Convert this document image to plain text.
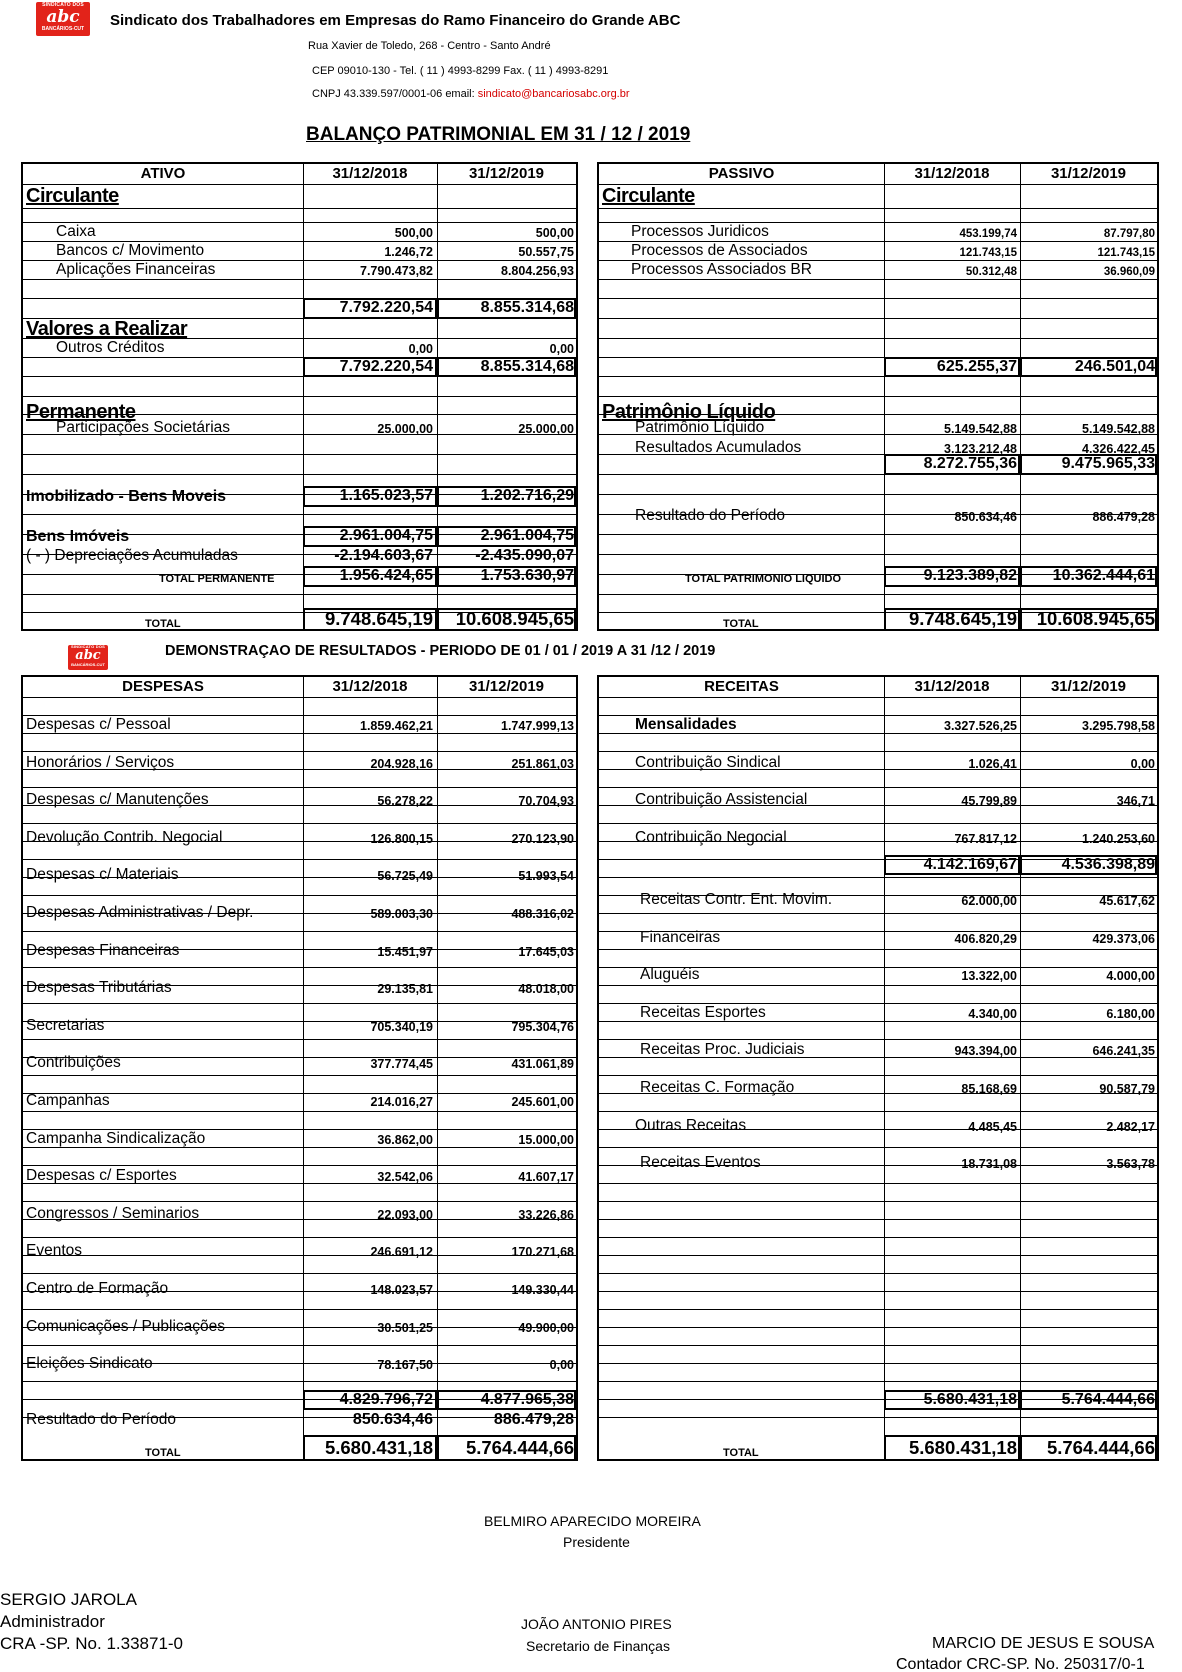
SINDICATO DOS
abc
BANCÁRIOS-CUT	Sindicato dos Trabalhadores em Empresas do Ramo Financeiro do Grande ABC
Rua Xavier de Toledo, 268 - Centro - Santo André
CEP 09010-130 - Tel. ( 11 ) 4993-8299 Fax. ( 11 ) 4993-8291
CNPJ 43.339.597/0001-06 email: sindicato@bancariosabc.org.br
BALANÇO PATRIMONIAL EM 31 / 12 / 2019
ATIVO	31/12/2018	31/12/2019
Circulante
Caixa	500,00	500,00
Bancos c/ Movimento	1.246,72	50.557,75
Aplicações Financeiras	7.790.473,82	8.804.256,93
7.792.220,54	8.855.314,68
Valores a Realizar
Outros Créditos	0,00	0,00
7.792.220,54	8.855.314,68
Permanente
Participações Societárias	25.000,00	25.000,00
Imobilizado - Bens Moveis	1.165.023,57	1.202.716,29
Bens Imóveis	2.961.004,75	2.961.004,75
( - ) Depreciações Acumuladas	-2.194.603,67	-2.435.090,07
TOTAL PERMANENTE	1.956.424,65	1.753.630,97
TOTAL	9.748.645,19	10.608.945,65
PASSIVO	31/12/2018	31/12/2019
Circulante
Processos Juridicos	453.199,74	87.797,80
Processos de Associados	121.743,15	121.743,15
Processos Associados BR	50.312,48	36.960,09
625.255,37	246.501,04
Patrimônio Líquido
Patrimônio Líquido	5.149.542,88	5.149.542,88
Resultados Acumulados	3.123.212,48	4.326.422,45
8.272.755,36	9.475.965,33
Resultado do Período	850.634,46	886.479,28
TOTAL PATRIMONIO LIQUIDO	9.123.389,82	10.362.444,61
TOTAL	9.748.645,19	10.608.945,65
SINDICATO DOS
abc
BANCÁRIOS-CUT
DEMONSTRAÇAO DE RESULTADOS - PERIODO DE 01 / 01 / 2019 A 31 /12 / 2019
DESPESAS	31/12/2018	31/12/2019
Despesas c/ Pessoal	1.859.462,21	1.747.999,13
Honorários / Serviços	204.928,16	251.861,03
Despesas c/ Manutenções	56.278,22	70.704,93
Devolução Contrib. Negocial	126.800,15	270.123,90
Despesas c/ Materiais	56.725,49	51.993,54
Despesas Administrativas / Depr.	589.003,30	488.316,02
Despesas Financeiras	15.451,97	17.645,03
Despesas Tributárias	29.135,81	48.018,00
Secretarias	705.340,19	795.304,76
Contribuições	377.774,45	431.061,89
Campanhas	214.016,27	245.601,00
Campanha Sindicalização	36.862,00	15.000,00
Despesas c/ Esportes	32.542,06	41.607,17
Congressos / Seminarios	22.093,00	33.226,86
Eventos	246.691,12	170.271,68
Centro de Formação	148.023,57	149.330,44
Comunicações / Publicações	30.501,25	49.900,00
Eleições Sindicato	78.167,50	0,00
4.829.796,72	4.877.965,38
Resultado do Período	850.634,46	886.479,28
TOTAL	5.680.431,18	5.764.444,66
RECEITAS	31/12/2018	31/12/2019
Mensalidades	3.327.526,25	3.295.798,58
Contribuição Sindical	1.026,41	0,00
Contribuição Assistencial	45.799,89	346,71
Contribuição Negocial	767.817,12	1.240.253,60
4.142.169,67	4.536.398,89
Receitas Contr. Ent. Movim.	62.000,00	45.617,62
Financeiras	406.820,29	429.373,06
Aluguéis	13.322,00	4.000,00
Receitas Esportes	4.340,00	6.180,00
Receitas Proc. Judiciais	943.394,00	646.241,35
Receitas C. Formação	85.168,69	90.587,79
Outras Receitas	4.485,45	2.482,17
Receitas Eventos	18.731,08	3.563,78
5.680.431,18	5.764.444,66
TOTAL	5.680.431,18	5.764.444,66
BELMIRO APARECIDO MOREIRA
Presidente
SERGIO JAROLA
Administrador
CRA -SP. No. 1.33871-0
JOÃO ANTONIO PIRES
Secretario de Finanças	MARCIO DE JESUS E SOUSA
Contador CRC-SP. No. 250317/0-1
